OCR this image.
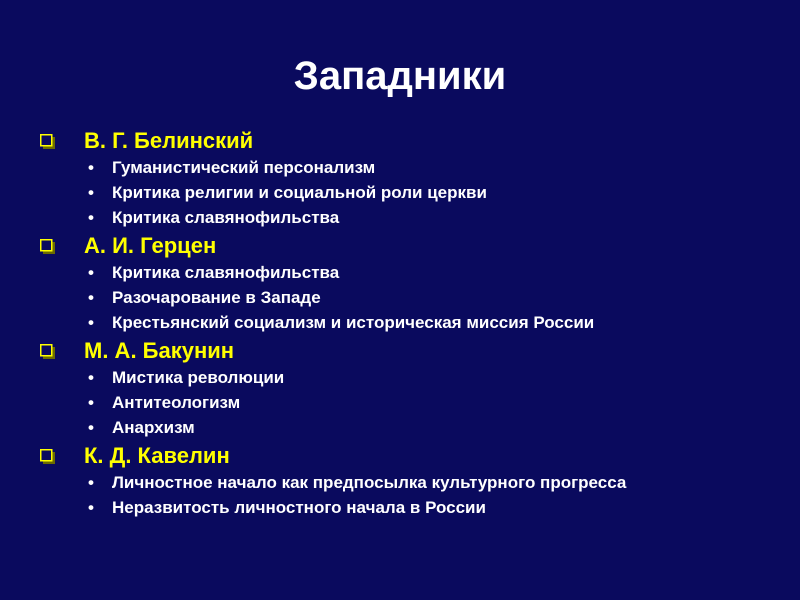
Западники
В. Г. Белинский
• Гуманистический персонализм
• Критика религии и социальной роли церкви
• Критика славянофильства
А. И. Герцен
• Критика славянофильства
• Разочарование в Западе
• Крестьянский социализм и историческая миссия России
М. А. Бакунин
• Мистика революции
• Антитеологизм
• Анархизм
К. Д. Кавелин
• Личностное начало как предпосылка культурного прогресса
• Неразвитость личностного начала в России
